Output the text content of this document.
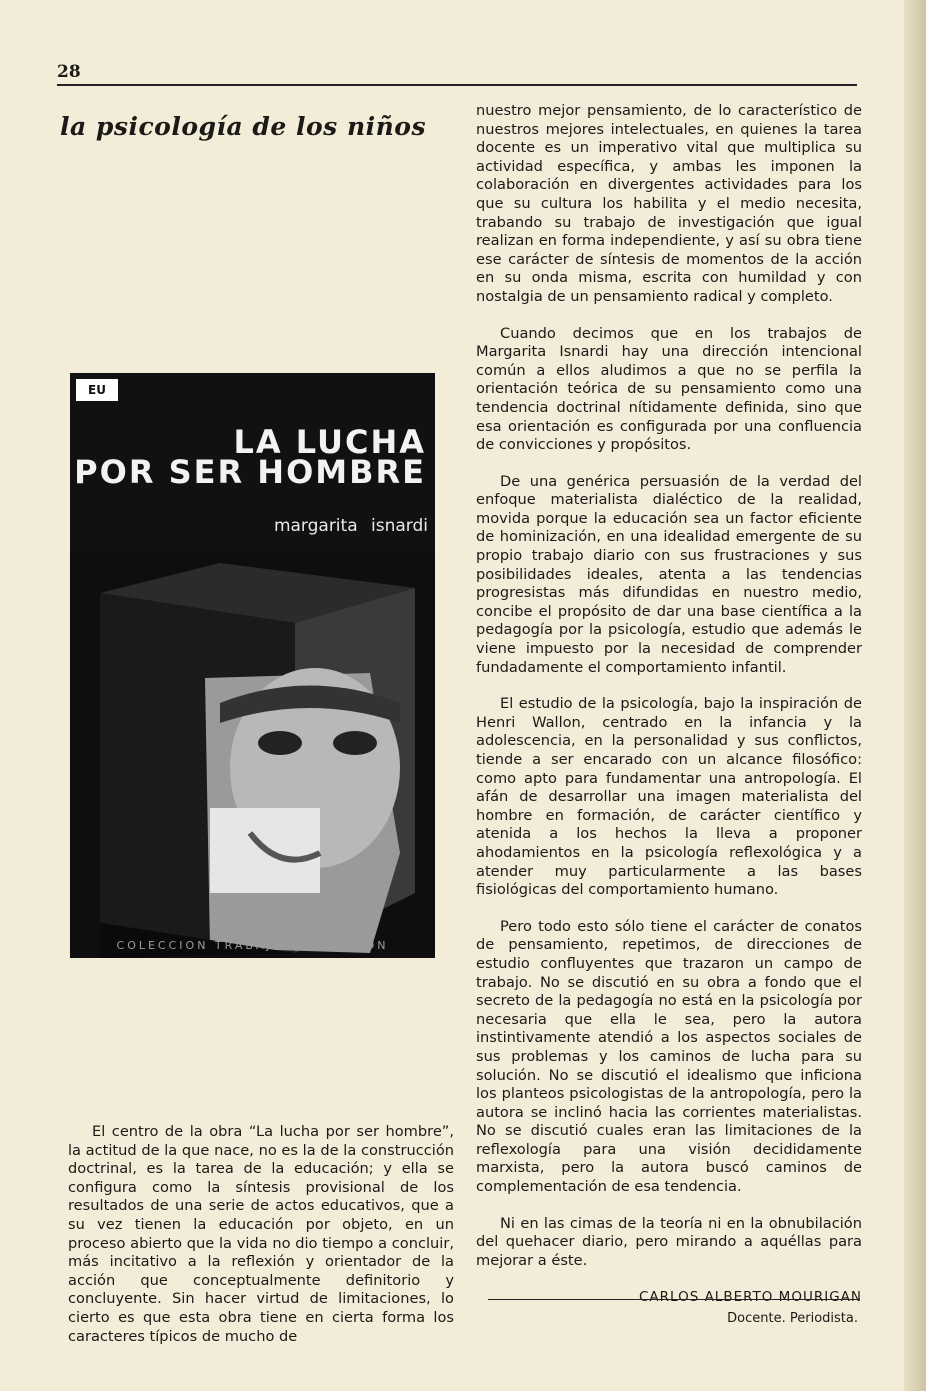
28
la psicología de los niños
EU
LA LUCHA
POR SER HOMBRE
margarita isnardi
COLECCION TRABAJO Y CREACION

El centro de la obra “La lucha por ser hombre”, la actitud de la que nace, no es la de la construcción doctrinal, es la tarea de la educación; y ella se configura como la síntesis provisional de los resultados de una serie de actos educativos, que a su vez tienen la educación por objeto, en un proceso abierto que la vida no dio tiempo a concluir, más incitativo a la reflexión y orientador de la acción que conceptualmente definitorio y concluyente. Sin hacer virtud de limitaciones, lo cierto es que esta obra tiene en cierta forma los caracteres típicos de mucho de

nuestro mejor pensamiento, de lo característico de nuestros mejores intelectuales, en quienes la tarea docente es un imperativo vital que multiplica su actividad específica, y ambas les imponen la colaboración en divergentes actividades para los que su cultura los habilita y el medio necesita, trabando su trabajo de investigación que igual realizan en forma independiente, y así su obra tiene ese carácter de síntesis de momentos de la acción en su onda misma, escrita con humildad y con nostalgia de un pensamiento radical y completo.

Cuando decimos que en los trabajos de Margarita Isnardi hay una dirección intencional común a ellos aludimos a que no se perfila la orientación teórica de su pensamiento como una tendencia doctrinal nítidamente definida, sino que esa orientación es configurada por una confluencia de convicciones y propósitos.

De una genérica persuasión de la verdad del enfoque materialista dialéctico de la realidad, movida porque la educación sea un factor eficiente de hominización, en una idealidad emergente de su propio trabajo diario con sus frustraciones y sus posibilidades ideales, atenta a las tendencias progresistas más difundidas en nuestro medio, concibe el propósito de dar una base científica a la pedagogía por la psicología, estudio que además le viene impuesto por la necesidad de comprender fundadamente el comportamiento infantil.

El estudio de la psicología, bajo la inspiración de Henri Wallon, centrado en la infancia y la adolescencia, en la personalidad y sus conflictos, tiende a ser encarado con un alcance filosófico: como apto para fundamentar una antropología. El afán de desarrollar una imagen materialista del hombre en formación, de carácter científico y atenida a los hechos la lleva a proponer ahodamientos en la psicología reflexológica y a atender muy particularmente a las bases fisiológicas del comportamiento humano.

Pero todo esto sólo tiene el carácter de conatos de pensamiento, repetimos, de direcciones de estudio confluyentes que trazaron un campo de trabajo. No se discutió en su obra a fondo que el secreto de la pedagogía no está en la psicología por necesaria que ella le sea, pero la autora instintivamente atendió a los aspectos sociales de sus problemas y los caminos de lucha para su solución. No se discutió el idealismo que inficiona los planteos psicologistas de la antropología, pero la autora se inclinó hacia las corrientes materialistas. No se discutió cuales eran las limitaciones de la reflexología para una visión decididamente marxista, pero la autora buscó caminos de complementación de esa tendencia.

Ni en las cimas de la teoría ni en la obnubilación del quehacer diario, pero mirando a aquéllas para mejorar a éste.

CARLOS ALBERTO MOURIGAN

Docente. Periodista.
